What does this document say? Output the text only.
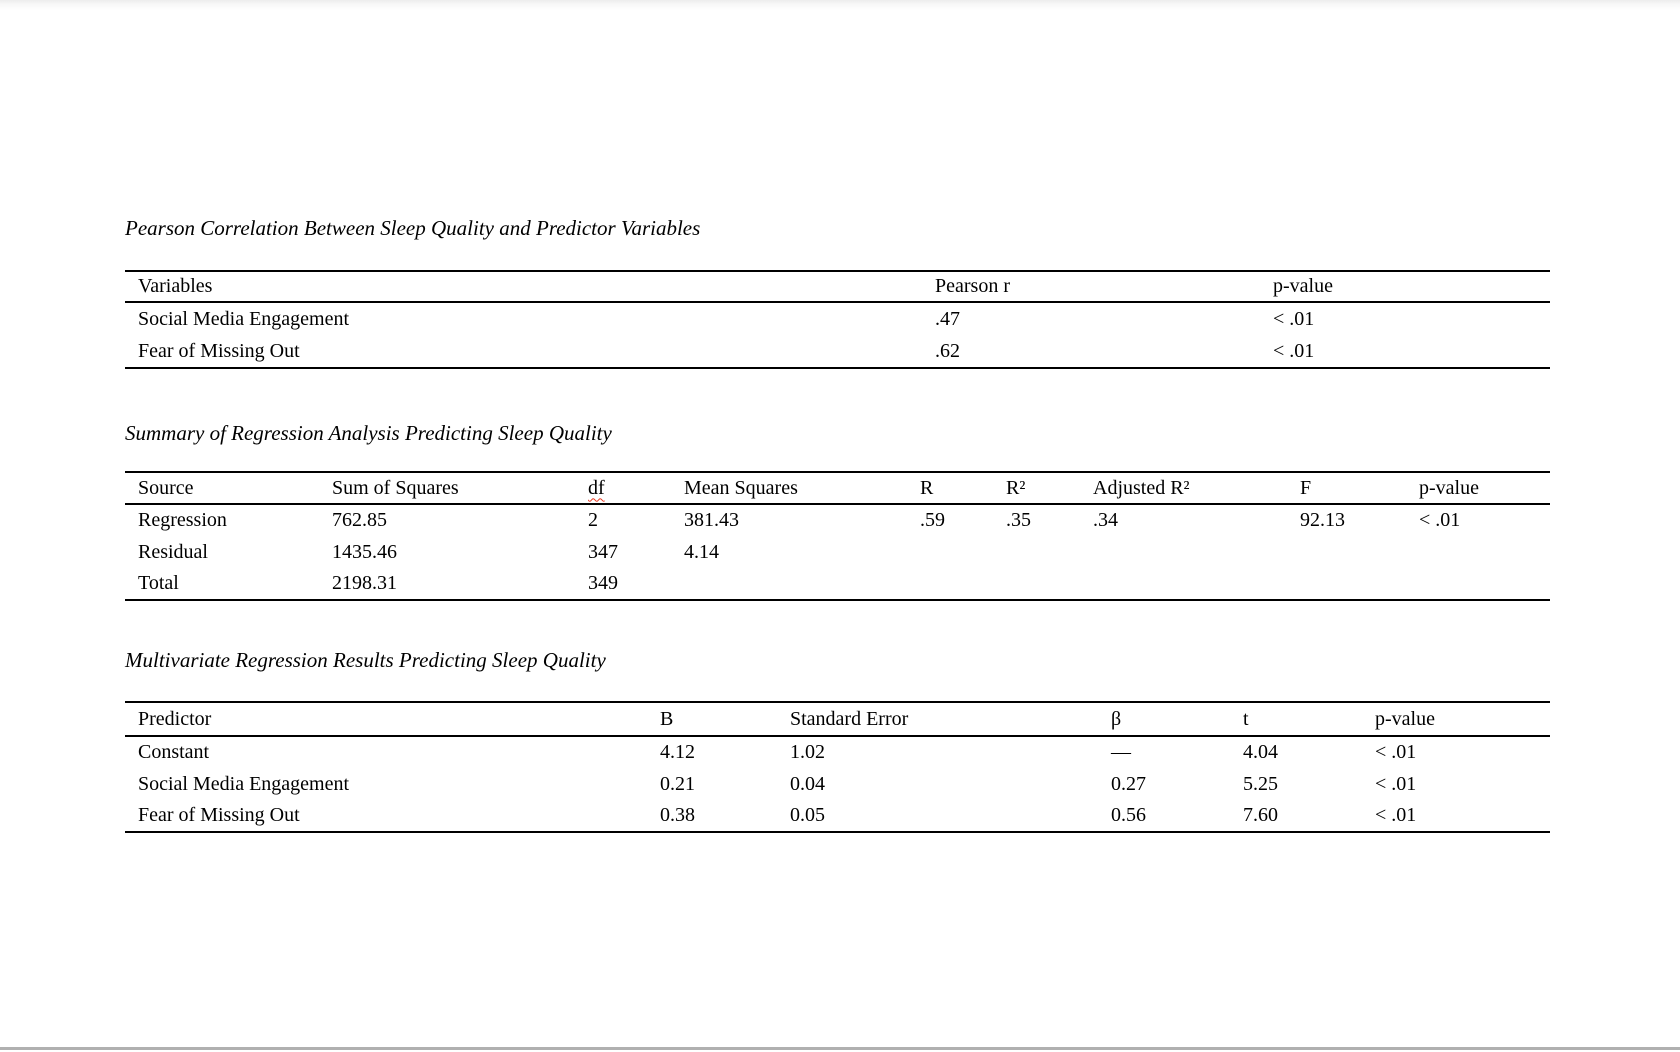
Pearson Correlation Between Sleep Quality and Predictor Variables
Variables	Pearson r	p-value
Social Media Engagement	.47	< .01
Fear of Missing Out	.62	< .01
Summary of Regression Analysis Predicting Sleep Quality
Source	Sum of Squares	df	Mean Squares	R	R²	Adjusted R²	F	p-value
Regression	762.85	2	381.43	.59	.35	.34	92.13	< .01
Residual	1435.46	347	4.14					
Total	2198.31	349						
Multivariate Regression Results Predicting Sleep Quality
Predictor	B	Standard Error	β	t	p-value
Constant	4.12	1.02	—	4.04	< .01
Social Media Engagement	0.21	0.04	0.27	5.25	< .01
Fear of Missing Out	0.38	0.05	0.56	7.60	< .01
